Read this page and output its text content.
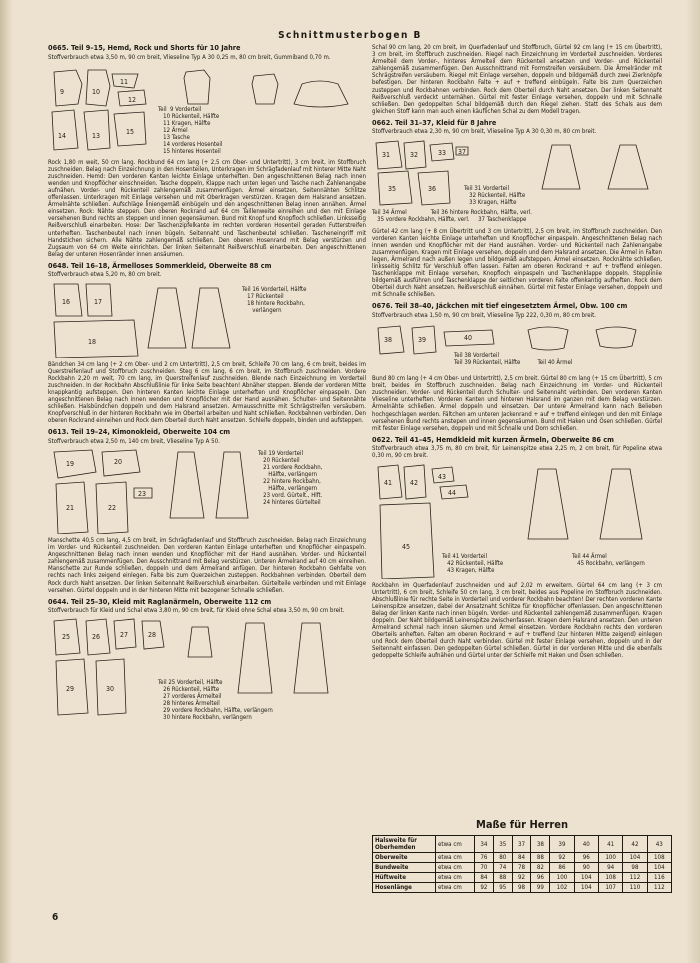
Schnittmusterbogen B
0665. Teil 9–15, Hemd, Rock und Shorts für 10 Jahre

Stoffverbrauch etwa 3,50 m, 90 cm breit, Vlieseline Typ A 30 0,25 m, 80 cm breit, Gummiband 0,70 m.

9	10
11
12
14	13	15
Teil  9 Vorderteil
10 Rückenteil, Hälfte
11 Kragen, Hälfte
12 Ärmel
13 Tasche
14 vorderes Hosenteil
15 hinteres Hosenteil

Rock 1,80 m weit, 50 cm lang. Rockbund 64 cm lang (+ 2,5 cm Ober- und Untertritt), 3 cm breit, im Stoffbruch zuschneiden. Belag nach Einzeichnung in den Hosenteilen, Unterkragen im Schrägfadenlauf mit hinterer Mitte Naht zuschneiden. Hemd: Den vorderen Kanten leichte Einlage unterheften. Den angeschnittenen Belag nach innen wenden und Knopflöcher einschneiden. Tasche doppeln, Klappe nach unten legen und Tasche nach Zahlenangabe aufnähen. Vorder- und Rückenteil zahlengemäß zusammenfügen. Ärmel einsetzen, Seitennähten Schlitze offenlassen. Unterkragen mit Einlage versehen und mit Oberkragen verstürzen. Kragen dem Halsrand ansetzen. Ärmelnähte schließen. Aufschläge liniengemäß einbügeln und den angeschnittenen Belag innen annähen. Ärmel einsetzen. Rock: Nähte steppen. Den oberen Rockrand auf 64 cm Taillenweite einreihen und den mit Einlage versehenen Bund rechts an steppen und innen gegensäumen. Bund mit Knopf und Knopfloch schließen. Linksseitig Reißverschluß einarbeiten. Hose: Der Taschenzipfelkante im rechten vorderen Hosenteil geraden Futterstreifen unterheften. Taschenbeutel nach innen bügeln. Seitennaht und Taschenbeutel schließen. Tascheneingriff mit Handstichen sichern. Alle Nähte zahlengemäß schließen. Den oberen Hosenrand mit Belag verstürzen und Zugsaum von 64 cm Weite einrichten. Der linken Seitennaht Reißverschluß einarbeiten. Den angeschnittenen Belag der unteren Hosenränder innen ansäumen.

0648. Teil 16–18, Ärmelloses Sommerkleid, Oberweite 88 cm

Stoffverbrauch etwa 5,20 m, 80 cm breit.

16	17
18
Teil 16 Vorderteil, Hälfte
17 Rückenteil
18 hintere Rockbahn,
verlängern

Bändchen 34 cm lang (+ 2 cm Ober- und 2 cm Untertritt), 2,5 cm breit, Schleife 70 cm lang, 6 cm breit, beides im Querstreifenlauf und Stoffbruch zuschneiden. Steg 6 cm lang, 6 cm breit, im Stoffbruch zuschneiden. Vordere Rockbahn 2,20 m weit, 70 cm lang, im Querstreifenlauf zuschneiden. Blende nach Einzeichnung im Vorderteil zuschneiden. In der Rockbahn Abschlußlinie für linke Seite beachten! Abnäher steppen. Blende der vorderen Mitte knappkantig aufsteppen. Den hinteren Kanten leichte Einlage unterheften und Knopflöcher einpaspeln. Den angeschnittenen Belag nach innen wenden und Knopflöcher mit der Hand ausnähen. Schulter- und Seitennähte schließen. Halsbündchen doppeln und dem Halsrand ansetzen. Armausschnitte mit Schrägstreifen versäubern. Knopfverschluß in der hinteren Rockbahn wie im Oberteil arbeiten und Naht schließen. Rockbahnen verbinden. Den oberen Rockrand einreihen und Rock dem Oberteil durch Naht ansetzen. Schleife doppeln, binden und aufsteppen.

0613. Teil 19–24, Kimonokleid, Oberweite 104 cm

Stoffverbrauch etwa 2,50 m, 140 cm breit, Vlieseline Typ A 50.

19	20
21	22
23
Teil 19 Vorderteil
20 Rückenteil
21 vordere Rockbahn,
Hälfte, verlängern
22 hintere Rockbahn,
Hälfte, verlängern
23 vord. Gürtelt., Hlft.
24 hinteres Gürtelteil

Manschette 40,5 cm lang, 4,5 cm breit, im Schrägfadenlauf und Stoffbruch zuschneiden. Belag nach Einzeichnung im Vorder- und Rückenteil zuschneiden. Den vorderen Kanten Einlage unterheften und Knopflöcher einpaspeln. Angeschnittenen Belag nach innen wenden und Knopflöcher mit der Hand ausnähen. Vorder- und Rückenteil zahlengemäß zusammenfügen. Den Ausschnittrand mit Belag verstürzen. Unteren Ärmelrand auf 40 cm einreihen. Manschette zur Runde schließen, doppeln und dem Ärmelrand anfügen. Der hinteren Rockbahn Gehfalte von rechts nach links zeigend einlegen. Falte bis zum Querzeichen zusteppen. Rockbahnen verbinden. Oberteil dem Rock durch Naht ansetzen. Der linken Seitennaht Reißverschluß einarbeiten. Gürtelteile verbinden und mit Einlage versehen. Gürtel doppeln und in der hinteren Mitte mit bezogener Schnalle schließen.

0644. Teil 25–30, Kleid mit Raglanärmeln, Oberweite 112 cm

Stoffverbrauch für Kleid und Schal etwa 3,80 m, 90 cm breit, für Kleid ohne Schal etwa 3,50 m, 90 cm breit.

25	26	27	28
29	30
Teil 25 Vorderteil, Hälfte
26 Rückenteil, Hälfte
27 vorderes Ärmelteil
28 hinteres Ärmelteil
29 vordere Rockbahn, Hälfte, verlängern
30 hintere Rockbahn, verlängern

Schal 90 cm lang, 20 cm breit, im Querfadenlauf und Stoffbruch, Gürtel 92 cm lang (+ 15 cm Übertritt), 3 cm breit, im Stoffbruch zuschneiden. Riegel nach Einzeichnung im Vorderteil zuschneiden. Vorderes Ärmelteil dem Vorder-, hinteres Ärmelteil dem Rückenteil ansetzen und Vorder- und Rückenteil zahlengemäß zusammenfügen. Den Ausschnittrand mit Formstreifen versäubern. Die Ärmelränder mit Schrägstreifen versäubern. Riegel mit Einlage versehen, doppeln und bildgemäß durch zwei Zierknöpfe befestigen. Der hinteren Rockbahn Falte + auf + treffend einbügeln. Falte bis zum Querzeichen zusteppen und Rockbahnen verbinden. Rock dem Oberteil durch Naht ansetzen. Der linken Seitennaht Reißverschluß verdeckt unternähen. Gürtel mit fester Einlage versehen, doppeln und mit Schnalle schließen. Den gedoppelten Schal bildgemäß durch den Riegel ziehen. Statt des Schals aus dem gleichen Stoff kann man auch einen käuflichen Schal zu dem Modell tragen.

0662. Teil 31–37, Kleid für 8 Jahre

Stoffverbrauch etwa 2,30 m, 90 cm breit, Vlieseline Typ A 30 0,30 m, 80 cm breit.

31	32	33 37
35	36	Teil 31 Vorderteil
32 Rückenteil, Hälfte
33 Kragen, Hälfte
Teil 34 Ärmel              Teil 36 hintere Rockbahn, Hälfte, verl.
35 vordere Rockbahn, Hälfte, verl.     37 Taschenklappe

Gürtel 42 cm lang (+ 8 cm Übertritt und 3 cm Untertritt), 2,5 cm breit, im Stoffbruch zuschneiden. Den vorderen Kanten leichte Einlage unterheften und Knopflöcher einpaspeln. Angeschnittenen Belag nach innen wenden und Knopflöcher mit der Hand ausnähen. Vorder- und Rückenteil nach Zahlenangabe zusammenfügen. Kragen mit Einlage versehen, doppeln und dem Halsrand ansetzen. Die Ärmel in Falten legen, Ärmelrand nach außen legen und bildgemäß aufsteppen. Ärmel einsetzen. Rocknähte schließen, linksseitig Schlitz für Verschluß offen lassen. Falten am oberen Rockrand + auf + treffend einlegen. Taschenklappe mit Einlage versehen, Knopfloch einpaspeln und Taschenklappe doppeln. Steppliniie bildgemäß ausführen und Taschenklappe der seitlichen vorderen Falte offenkantig aufheften. Rock dem Oberteil durch Naht ansetzen. Reißverschluß einnähen. Gürtel mit fester Einlage versehen, doppeln und mit Schnalle schließen.

0676. Teil 38–40, Jäckchen mit tief eingesetztem Ärmel, Obw. 100 cm

Stoffverbrauch etwa 1,50 m, 90 cm breit, Vlieseline Typ 222, 0,30 m, 80 cm breit.

38	39	40
Teil 38 Vorderteil
Teil 39 Rückenteil, Hälfte          Teil 40 Ärmel

Bund 80 cm lang (+ 4 cm Ober- und Untertritt), 2,5 cm breit. Gürtel 80 cm lang (+ 15 cm Übertritt), 5 cm breit, beides im Stoffbruch zuschneiden. Belag nach Einzeichnung im Vorder- und Rückenteil zuschneiden. Vorder- und Rückenteil durch Schulter- und Seitennaht verbinden. Den vorderen Kanten Vlieseline unterheften. Vorderen Kanten und hinteren Halsrand im ganzen mit dem Belag verstürzen. Ärmelnähte schließen. Ärmel doppeln und einsetzen. Der untere Ärmelrand kann nach Belieben hochgeschlagen werden. Fältchen am unteren Jackenrand + auf + treffend einlegen und den mit Einlage versehenen Bund rechts anstepen und innen gegensäumen. Bund mit Haken und Ösen schließen. Gürtel mit fester Einlage versehen, doppeln und mit Schnalle und Dorn schließen.

0622. Teil 41–45, Hemdkleid mit kurzen Ärmeln, Oberweite 86 cm

Stoffverbrauch etwa 3,75 m, 80 cm breit, für Leinenspitze etwa 2,25 m, 2 cm breit, für Popeline etwa 0,30 m, 90 cm breit.

41	42
43
44
45
Teil 41 Vorderteil
42 Rückenteil, Hälfte
43 Kragen, Hälfte
Teil 44 Ärmel
45 Rockbahn, verlängern

Rockbahn im Querfadenlauf zuschneiden und auf 2,02 m erweitern. Gürtel 64 cm lang (+ 3 cm Untertritt), 6 cm breit, Schleife 50 cm lang, 3 cm breit, beides aus Popeline im Stoffbruch zuschneiden. Abschlußlinie für rechte Seite in Vorderteil und vorderer Rockbahn beachten! Der rechten vorderen Kante Leinenspitze ansetzen, dabei der Ansatznaht Schlitze für Knopflöcher offenlassen. Den angeschnittenen Belag der linken Kante nach innen bügeln. Vorder- und Rückenteil zahlengemäß zusammenfügen. Kragen doppeln. Der Naht bildgemäß Leinenspitze zwischenfassen. Kragen dem Halsrand ansetzen. Den unteren Ärmelrand schmal nach innen säumen und Ärmel einsetzen. Vordere Rockbahn rechts den vorderen Oberteils anheften. Falten am oberen Rockrand + auf + treffend (zur hinteren Mitte zeigend) einlegen und Rock dem Oberteil durch Naht verbinden. Gürtel mit fester Einlage versehen, doppeln und in der Seitennaht einfassen. Den gedoppelten Gürtel schließen. Gürtel in der vorderen Mitte und die ebenfalls gedoppelte Schleife aufnähen und Gürtel unter der Schleife mit Haken und Ösen schließen.

Maße für Herren
Halsweite für Oberhemden	etwa cm	34	35	37	38	39	40	41	42	43
Oberweite	etwa cm	76	80	84	88	92	96	100	104	108
Bundweite	etwa cm	70	74	78	82	86	90	94	98	104
Hüftweite	etwa cm	84	88	92	96	100	104	108	112	116
Hosenlänge	etwa cm	92	95	98	99	102	104	107	110	112
6
